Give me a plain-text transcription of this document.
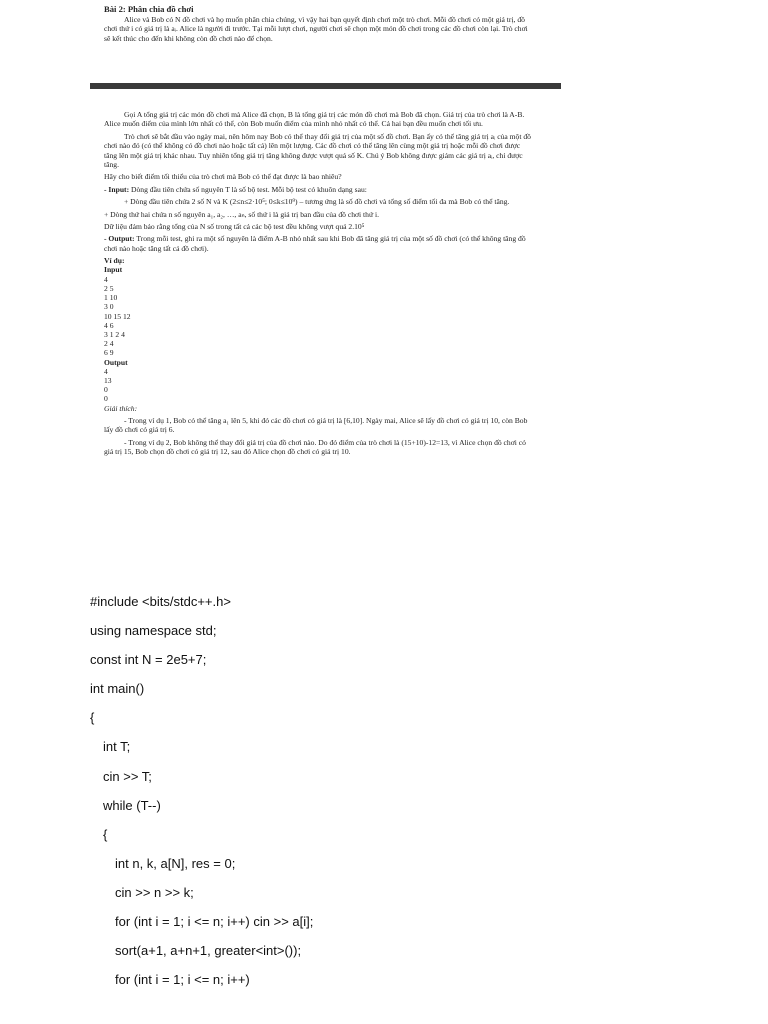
Bài 2: Phân chia đồ chơi

Alice và Bob có N đồ chơi và họ muốn phân chia chúng, vì vậy hai bạn quyết định chơi một trò chơi. Mỗi đồ chơi có một giá trị, đồ chơi thứ i có giá trị là aᵢ. Alice là người đi trước. Tại mỗi lượt chơi, người chơi sẽ chọn một món đồ chơi trong các đồ chơi còn lại. Trò chơi sẽ kết thúc cho đến khi không còn đồ chơi nào để chọn.

Gọi A tổng giá trị các món đồ chơi mà Alice đã chọn, B là tổng giá trị các món đồ chơi mà Bob đã chọn. Giá trị của trò chơi là A-B. Alice muốn điểm của mình lớn nhất có thể, còn Bob muốn điểm của mình nhỏ nhất có thể. Cả hai bạn đều muốn chơi tối ưu.

Trò chơi sẽ bắt đầu vào ngày mai, nên hôm nay Bob có thể thay đổi giá trị của một số đồ chơi. Bạn ấy có thể tăng giá trị aᵢ của một đồ chơi nào đó (có thể không có đồ chơi nào hoặc tất cả) lên một lượng. Các đồ chơi có thể tăng lên cùng một giá trị hoặc mỗi đồ chơi được tăng lên một giá trị khác nhau. Tuy nhiên tổng giá trị tăng không được vượt quá số K. Chú ý Bob không được giảm các giá trị aᵢ, chỉ được tăng.

Hãy cho biết điểm tối thiểu của trò chơi mà Bob có thể đạt được là bao nhiêu?

- Input: Dòng đầu tiên chứa số nguyên T là số bộ test. Mỗi bộ test có khuôn dạng sau:

+ Dòng đầu tiên chứa 2 số N và K (2≤n≤2·10⁵; 0≤k≤10⁹) – tương ứng là số đồ chơi và tổng số điểm tối đa mà Bob có thể tăng.

+ Dòng thứ hai chứa n số nguyên a₁, a₂, …, aₙ, số thứ i là giá trị ban đầu của đồ chơi thứ i.

Dữ liệu đảm bảo rằng tổng của N số trong tất cả các bộ test đều không vượt quá 2.10⁵

- Output: Trong mỗi test, ghi ra một số nguyên là điểm A-B nhỏ nhất sau khi Bob đã tăng giá trị của một số đồ chơi (có thể không tăng đồ chơi nào hoặc tăng tất cả đồ chơi).

Ví dụ:

Input

4

2 5

1 10

3 0

10 15 12

4 6

3 1 2 4

2 4

6 9

Output

4

13

0

0

Giải thích:

- Trong ví dụ 1, Bob có thể tăng a₁ lên 5, khi đó các đồ chơi có giá trị là [6,10]. Ngày mai, Alice sẽ lấy đồ chơi có giá trị 10, còn Bob lấy đồ chơi có giá trị 6.

- Trong ví dụ 2, Bob không thể thay đổi giá trị của đồ chơi nào. Do đó điểm của trò chơi là (15+10)-12=13, vì Alice chọn đồ chơi có giá trị 15, Bob chọn đồ chơi có giá trị 12, sau đó Alice chọn đồ chơi có giá trị 10.

#include <bits/stdc++.h>
using namespace std;
const int N = 2e5+7;
int main()
{
int T;
cin >> T;
while (T--)
{
int n, k, a[N], res = 0;
cin >> n >> k;
for (int i = 1; i <= n; i++) cin >> a[i];
sort(a+1, a+n+1, greater<int>());
for (int i = 1; i <= n; i++)
